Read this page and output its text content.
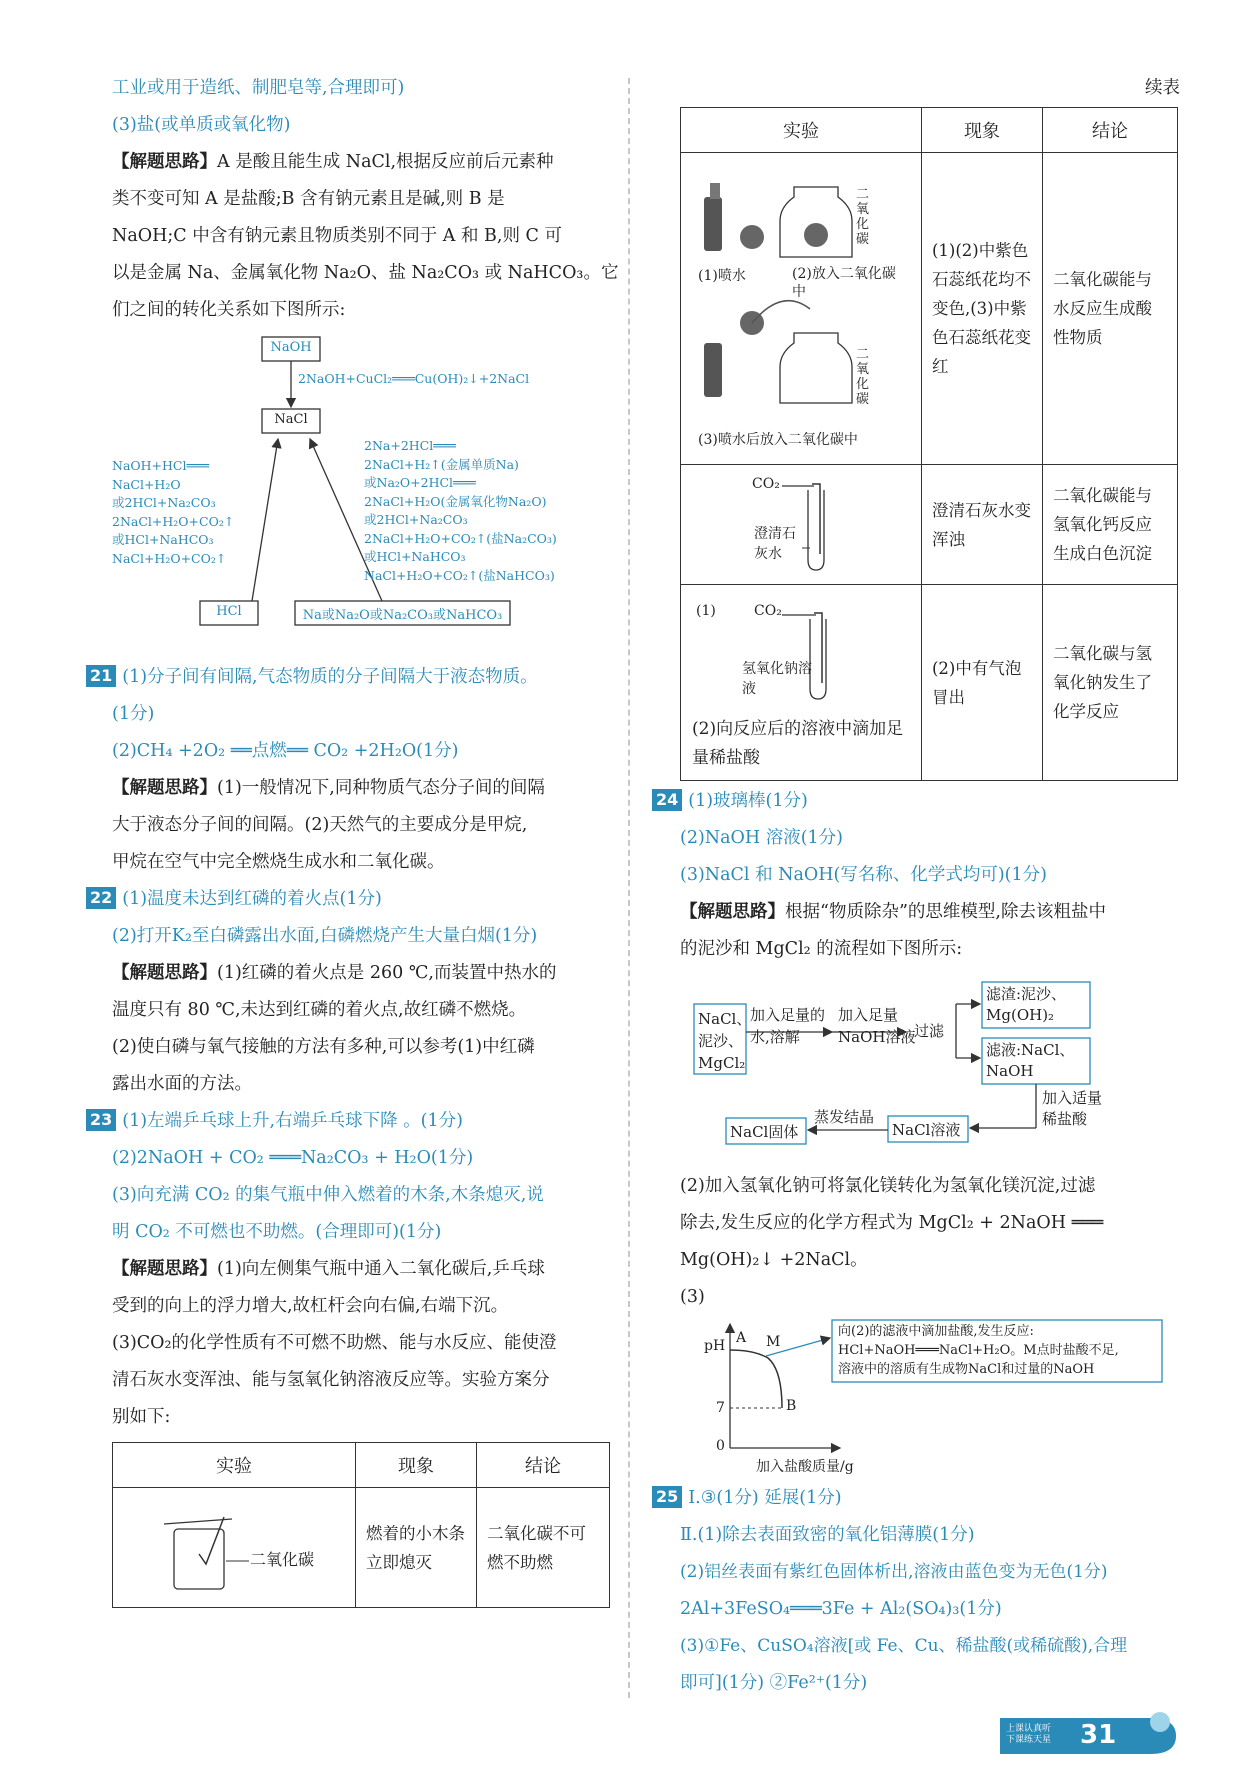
工业或用于造纸、制肥皂等,合理即可)
(3)盐(或单质或氧化物)
【解题思路】A 是酸且能生成 NaCl,根据反应前后元素种
类不变可知 A 是盐酸;B 含有钠元素且是碱,则 B 是
NaOH;C 中含有钠元素且物质类别不同于 A 和 B,则 C 可
以是金属 Na、金属氧化物 Na₂O、盐 Na₂CO₃ 或 NaHCO₃。它
们之间的转化关系如下图所示:
NaOH
NaCl
HCl	Na或Na₂O或Na₂CO₃或NaHCO₃
2NaOH+CuCl₂═══Cu(OH)₂↓+2NaCl
NaOH+HCl═══
NaCl+H₂O
或2HCl+Na₂CO₃
2NaCl+H₂O+CO₂↑
或HCl+NaHCO₃
NaCl+H₂O+CO₂↑
2Na+2HCl═══
2NaCl+H₂↑(金属单质Na)
或Na₂O+2HCl═══
2NaCl+H₂O(金属氧化物Na₂O)
或2HCl+Na₂CO₃
2NaCl+H₂O+CO₂↑(盐Na₂CO₃)
或HCl+NaHCO₃
NaCl+H₂O+CO₂↑(盐NaHCO₃)
21 (1)分子间有间隔,气态物质的分子间隔大于液态物质。
(1分)
(2)CH₄ +2O₂ ══点燃══ CO₂ +2H₂O(1分)
【解题思路】(1)一般情况下,同种物质气态分子间的间隔
大于液态分子间的间隔。(2)天然气的主要成分是甲烷,
甲烷在空气中完全燃烧生成水和二氧化碳。
22 (1)温度未达到红磷的着火点(1分)
(2)打开K₂至白磷露出水面,白磷燃烧产生大量白烟(1分)
【解题思路】(1)红磷的着火点是 260 ℃,而装置中热水的
温度只有 80 ℃,未达到红磷的着火点,故红磷不燃烧。
(2)使白磷与氧气接触的方法有多种,可以参考(1)中红磷
露出水面的方法。
23 (1)左端乒乓球上升,右端乒乓球下降 。(1分)
(2)2NaOH + CO₂ ═══Na₂CO₃ + H₂O(1分)
(3)向充满 CO₂ 的集气瓶中伸入燃着的木条,木条熄灭,说
明 CO₂ 不可燃也不助燃。(合理即可)(1分)
【解题思路】(1)向左侧集气瓶中通入二氧化碳后,乒乓球
受到的向上的浮力增大,故杠杆会向右偏,右端下沉。
(3)CO₂的化学性质有不可燃不助燃、能与水反应、能使澄
清石灰水变浑浊、能与氢氧化钠溶液反应等。实验方案分
别如下:
实验	现象	结论

二氧化碳	燃着的小木条立即熄灭	二氧化碳不可燃不助燃
续表
实验	现象	结论

(1)喷水 (2)放入二氧化碳中
二氧化碳
二氧化碳
(3)喷水后放入二氧化碳中	(1)(2)中紫色石蕊纸花均不变色,(3)中紫色石蕊纸花变红	二氧化碳能与水反应生成酸性物质

CO₂
澄清石灰水	澄清石灰水变浑浊	二氧化碳能与氢氧化钙反应生成白色沉淀

(1) CO₂
氢氧化钠溶液
(2)向反应后的溶液中滴加足量稀盐酸	(2)中有气泡冒出	二氧化碳与氢氧化钠发生了化学反应
24 (1)玻璃棒(1分)
(2)NaOH 溶液(1分)
(3)NaCl 和 NaOH(写名称、化学式均可)(1分)
【解题思路】根据“物质除杂”的思维模型,除去该粗盐中
的泥沙和 MgCl₂ 的流程如下图所示:
NaCl、
泥沙、
MgCl₂
加入足量的
水,溶解
加入足量
NaOH溶液
过滤
滤渣:泥沙、
Mg(OH)₂
滤液:NaCl、
NaOH
加入适量
稀盐酸
NaCl溶液
蒸发结晶
NaCl固体
(2)加入氢氧化钠可将氯化镁转化为氢氧化镁沉淀,过滤
除去,发生反应的化学方程式为 MgCl₂ + 2NaOH ═══
Mg(OH)₂↓ +2NaCl。
(3)
pH
加入盐酸质量/g
7
0
A M
B
向(2)的滤液中滴加盐酸,发生反应:
HCl+NaOH═══NaCl+H₂O。M点时盐酸不足,
溶液中的溶质有生成物NaCl和过量的NaOH
25 Ⅰ.③(1分) 延展(1分)
Ⅱ.(1)除去表面致密的氧化铝薄膜(1分)
(2)铝丝表面有紫红色固体析出,溶液由蓝色变为无色(1分)
2Al+3FeSO₄═══3Fe + Al₂(SO₄)₃(1分)
(3)①Fe、CuSO₄溶液[或 Fe、Cu、稀盐酸(或稀硫酸),合理
即可](1分) ②Fe²⁺(1分)
上课认真听
下课练天星 31
